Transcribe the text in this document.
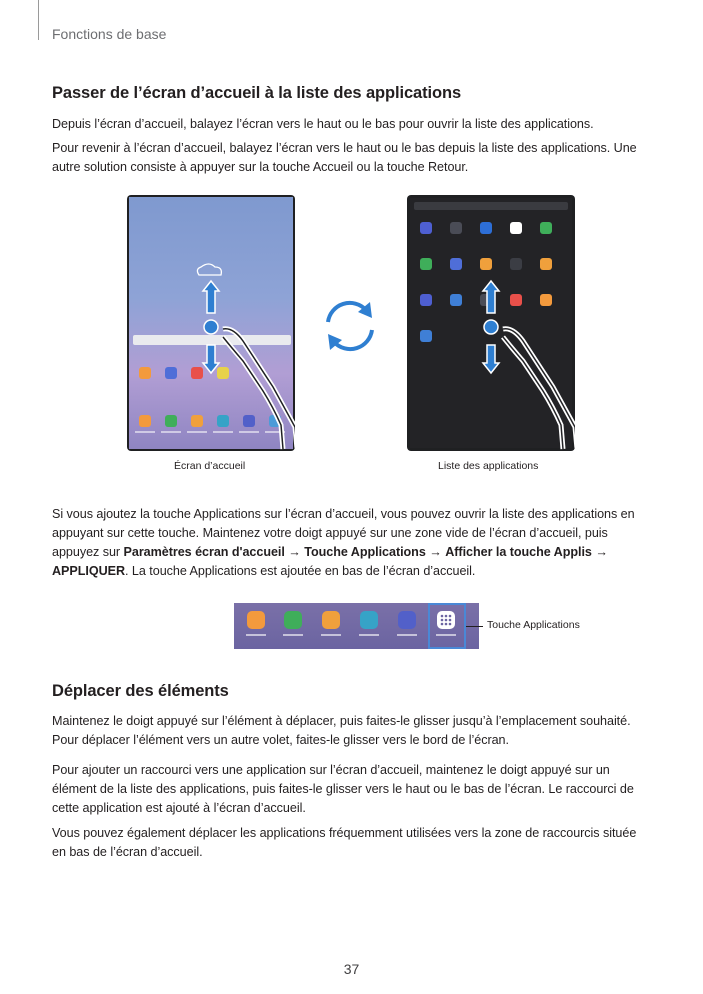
Fonctions de base
Passer de l’écran d’accueil à la liste des applications

Depuis l’écran d’accueil, balayez l’écran vers le haut ou le bas pour ouvrir la liste des applications.

Pour revenir à l’écran d’accueil, balayez l’écran vers le haut ou le bas depuis la liste des applications. Une autre solution consiste à appuyer sur la touche Accueil ou la touche Retour.

Écran d’accueil	Liste des applications

Si vous ajoutez la touche Applications sur l’écran d’accueil, vous pouvez ouvrir la liste des applications en appuyant sur cette touche. Maintenez votre doigt appuyé sur une zone vide de l’écran d’accueil, puis appuyez sur Paramètres écran d'accueil → Touche Applications → Afficher la touche Applis → APPLIQUER. La touche Applications est ajoutée en bas de l’écran d’accueil.

Touche Applications
Déplacer des éléments

Maintenez le doigt appuyé sur l’élément à déplacer, puis faites-le glisser jusqu’à l’emplacement souhaité. Pour déplacer l’élément vers un autre volet, faites-le glisser vers le bord de l’écran.

Pour ajouter un raccourci vers une application sur l’écran d’accueil, maintenez le doigt appuyé sur un élément de la liste des applications, puis faites-le glisser vers le haut ou le bas de l’écran. Le raccourci de cette application est ajouté à l’écran d’accueil.

Vous pouvez également déplacer les applications fréquemment utilisées vers la zone de raccourcis située en bas de l’écran d’accueil.

37
